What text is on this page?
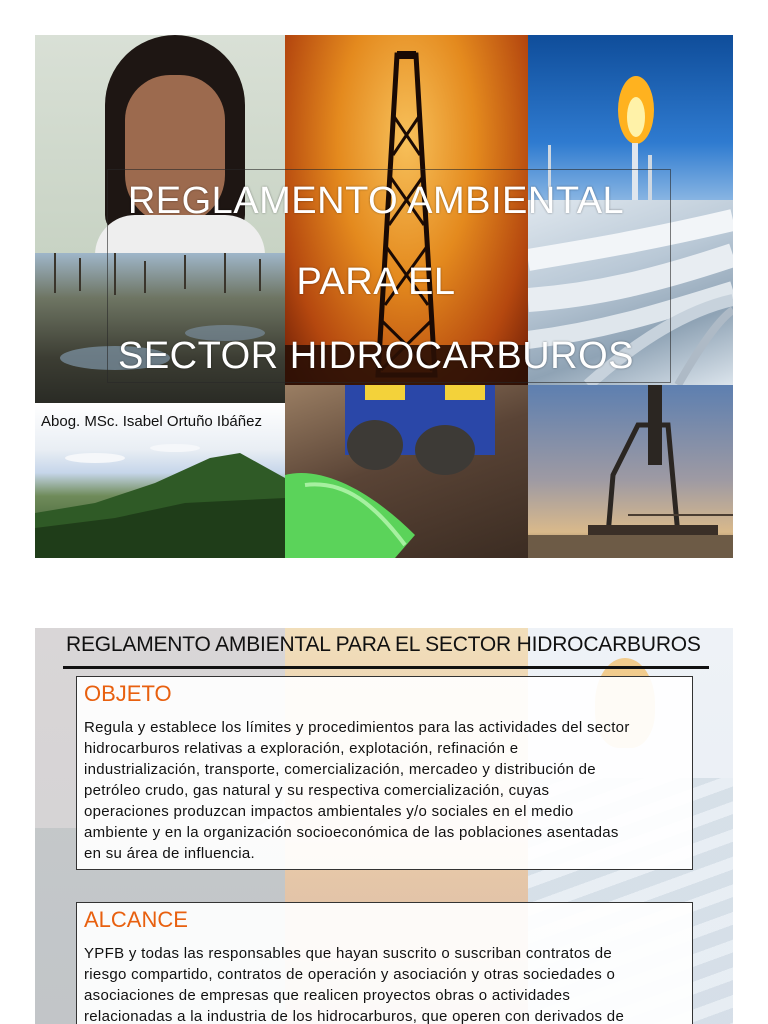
REGLAMENTO AMBIENTAL
PARA EL
SECTOR HIDROCARBUROS
Abog. MSc. Isabel Ortuño Ibáñez
REGLAMENTO AMBIENTAL PARA EL SECTOR HIDROCARBUROS
OBJETO
Regula y establece los límites y procedimientos para las actividades del sector
hidrocarburos relativas a exploración, explotación, refinación e
industrialización, transporte, comercialización, mercadeo y distribución de
petróleo crudo, gas natural y su respectiva comercialización, cuyas
operaciones produzcan impactos ambientales y/o sociales en el medio
ambiente y en la organización socioeconómica de las poblaciones asentadas
en su área de influencia.
ALCANCE
YPFB y todas las responsables que hayan suscrito o suscriban contratos de
riesgo compartido, contratos de operación y asociación y otras sociedades o
asociaciones de empresas que realicen proyectos obras o actividades
relacionadas a la industria de los hidrocarburos, que operen con derivados de
